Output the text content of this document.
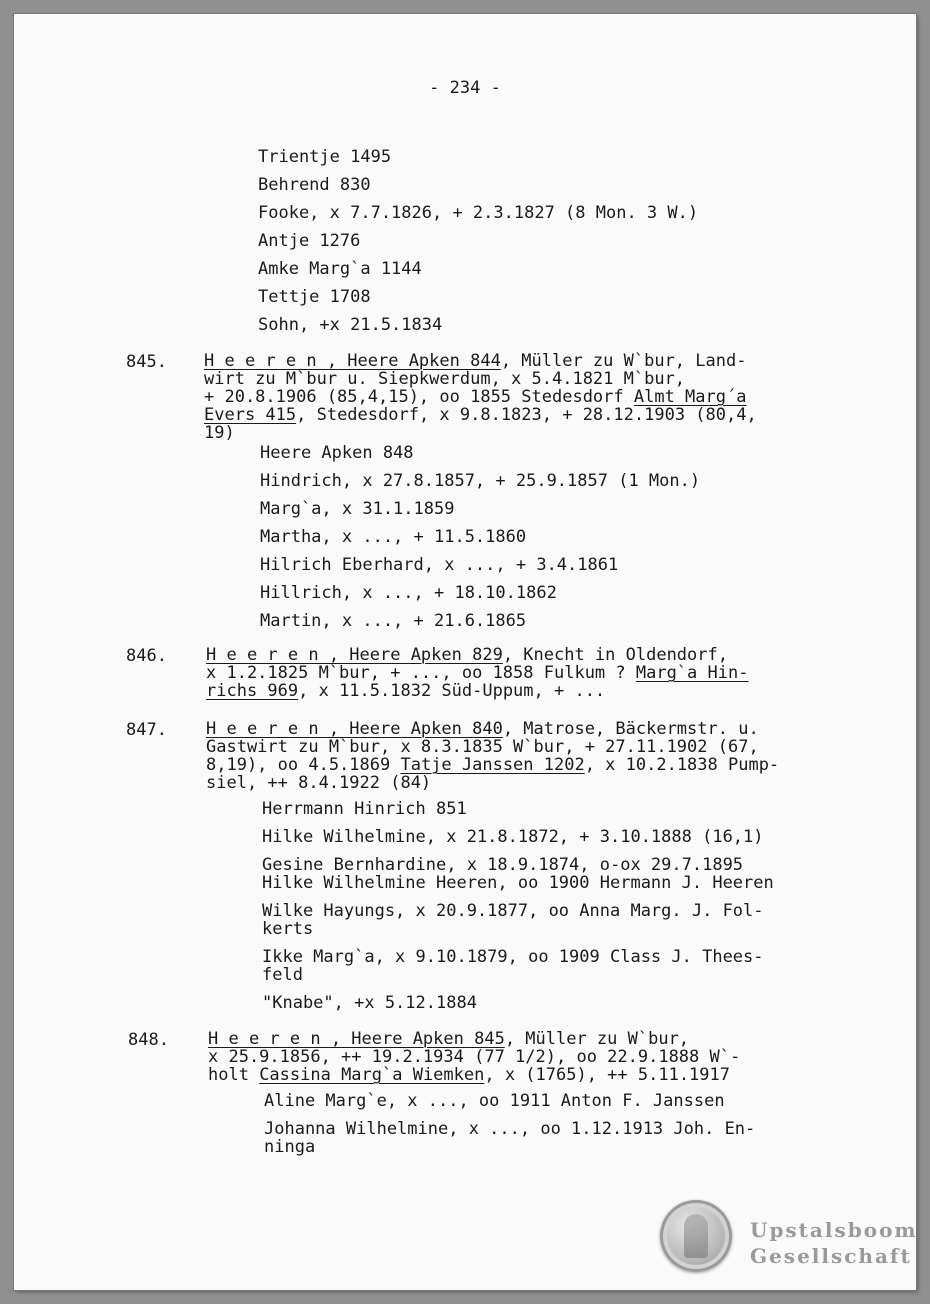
- 234 -
Trientje 1495
Behrend 830
Fooke, x 7.7.1826, + 2.3.1827 (8 Mon. 3 W.)
Antje 1276
Amke Marg`a 1144
Tettje 1708
Sohn, +x 21.5.1834
845. H e e r e n , Heere Apken 844, Müller zu W`bur, Land-
wirt zu M`bur u. Siepkwerdum, x 5.4.1821 M`bur,
+ 20.8.1906 (85,4,15), oo 1855 Stedesdorf Almt Marg´a
Evers 415, Stedesdorf, x 9.8.1823, + 28.12.1903 (80,4,
19)
Heere Apken 848
Hindrich, x 27.8.1857, + 25.9.1857 (1 Mon.)
Marg`a, x 31.1.1859
Martha, x ..., + 11.5.1860
Hilrich Eberhard, x ..., + 3.4.1861
Hillrich, x ..., + 18.10.1862
Martin, x ..., + 21.6.1865
846. H e e r e n , Heere Apken 829, Knecht in Oldendorf,
x 1.2.1825 M`bur, + ..., oo 1858 Fulkum ? Marg`a Hin-
richs 969, x 11.5.1832 Süd-Uppum, + ...
847. H e e r e n , Heere Apken 840, Matrose, Bäckermstr. u.
Gastwirt zu M`bur, x 8.3.1835 W`bur, + 27.11.1902 (67,
8,19), oo 4.5.1869 Tatje Janssen 1202, x 10.2.1838 Pump-
siel, ++ 8.4.1922 (84)
Herrmann Hinrich 851
Hilke Wilhelmine, x 21.8.1872, + 3.10.1888 (16,1)
Gesine Bernhardine, x 18.9.1874, o-ox 29.7.1895
Hilke Wilhelmine Heeren, oo 1900 Hermann J. Heeren
Wilke Hayungs, x 20.9.1877, oo Anna Marg. J. Fol-
kerts
Ikke Marg`a, x 9.10.1879, oo 1909 Class J. Thees-
feld
"Knabe", +x 5.12.1884
848. H e e r e n , Heere Apken 845, Müller zu W`bur,
x 25.9.1856, ++ 19.2.1934 (77 1/2), oo 22.9.1888 W`-
holt Cassina Marg`a Wiemken, x (1765), ++ 5.11.1917
Aline Marg`e, x ..., oo 1911 Anton F. Janssen
Johanna Wilhelmine, x ..., oo 1.12.1913 Joh. En-
ninga
Upstalsboom
Gesellschaft
